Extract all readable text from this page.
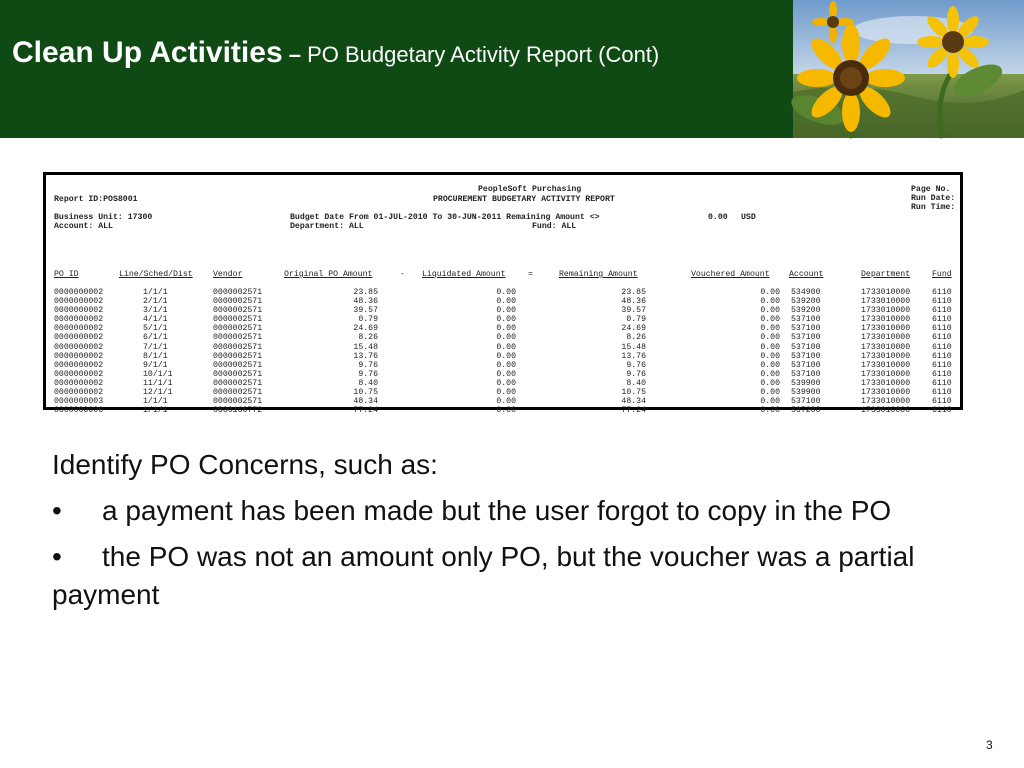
Clean Up Activities – PO Budgetary Activity Report (Cont)
PeopleSoft Purchasing
PROCUREMENT BUDGETARY ACTIVITY REPORT
Report ID:POS8001
Page No.
Run Date:
Run Time:
Business Unit: 17300
Account: ALL
Budget Date From 01-JUL-2010 To 30-JUN-2011 Remaining Amount <>	0.00 USD
Department: ALL	Fund: ALL
PO ID	Line/Sched/Dist Vendor	Original PO Amount	- Liquidated Amount	=	Remaining Amount	Vouchered Amount Account	Department	Fund
0000000002	1/1/1	0000002571	23.85	0.00	23.85	0.00 534900	1733010000	6110
0000000002	2/1/1	0000002571	48.36	0.00	48.36	0.00 539200	1733010000	6110
0000000002	3/1/1	0000002571	39.57	0.00	39.57	0.00 539200	1733010000	6110
0000000002	4/1/1	0000002571	0.79	0.00	0.79	0.00 537100	1733010000	6110
0000000002	5/1/1	0000002571	24.69	0.00	24.69	0.00 537100	1733010000	6110
0000000002	6/1/1	0000002571	8.26	0.00	8.26	0.00 537100	1733010000	6110
0000000002	7/1/1	0000002571	15.48	0.00	15.48	0.00 537100	1733010000	6110
0000000002	8/1/1	0000002571	13.76	0.00	13.76	0.00 537100	1733010000	6110
0000000002	9/1/1	0000002571	9.76	0.00	9.76	0.00 537100	1733010000	6110
0000000002	10/1/1	0000002571	9.76	0.00	9.76	0.00 537100	1733010000	6110
0000000002	11/1/1	0000002571	8.40	0.00	8.40	0.00 539900	1733010000	6110
0000000002	12/1/1	0000002571	10.75	0.00	10.75	0.00 539900	1733010000	6110
0000000003	1/1/1	0000002571	48.34	0.00	48.34	0.00 537100	1733010000	6110
0000000006	1/1/1	0000160772	77.24	0.00	77.24	0.00 537200	1733010000	6110

Identify PO Concerns, such as:

• a payment has been made but the user forgot to copy in the PO

• the PO was not an amount only PO, but the voucher was a partial payment

3
